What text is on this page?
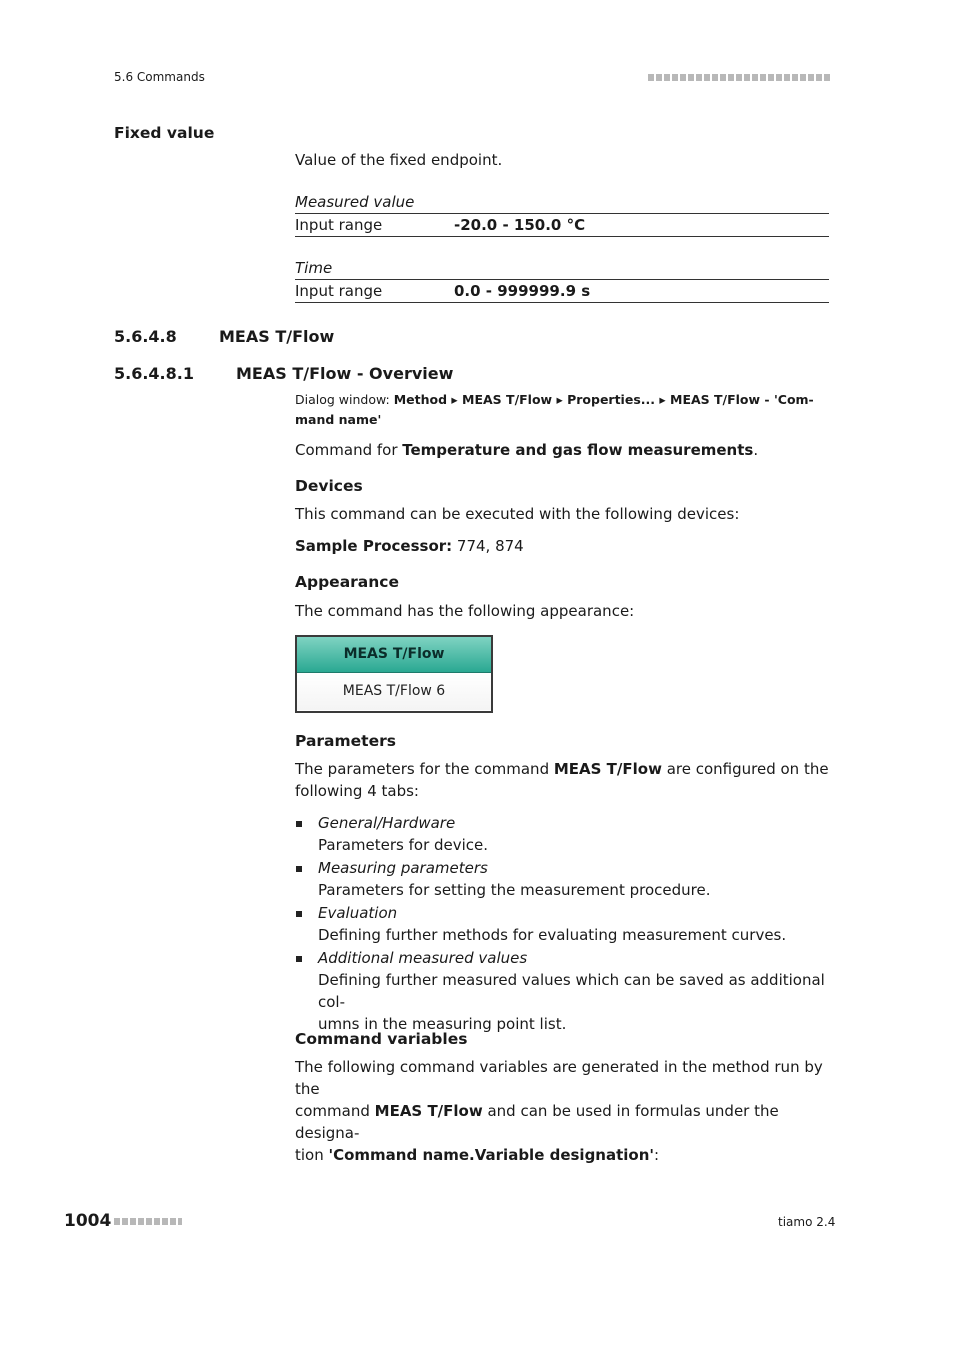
5.6 Commands
Fixed value
Value of the fixed endpoint.
Measured value
Input range	-20.0 - 150.0 °C
Time
Input range	0.0 - 999999.9 s
5.6.4.8	MEAS T/Flow
5.6.4.8.1	MEAS T/Flow - Overview
Dialog window: Method ▸ MEAS T/Flow ▸ Properties... ▸ MEAS T/Flow - 'Com-
mand name'
Command for Temperature and gas flow measurements.
Devices
This command can be executed with the following devices:
Sample Processor: 774, 874
Appearance
The command has the following appearance:
MEAS T/Flow
MEAS T/Flow 6
Parameters
The parameters for the command MEAS T/Flow are configured on the
following 4 tabs:
General/Hardware
Parameters for device.
Measuring parameters
Parameters for setting the measurement procedure.
Evaluation
Defining further methods for evaluating measurement curves.
Additional measured values
Defining further measured values which can be saved as additional col-
umns in the measuring point list.
Command variables
The following command variables are generated in the method run by the
command MEAS T/Flow and can be used in formulas under the designa-
tion 'Command name.Variable designation':
1004	tiamo 2.4
